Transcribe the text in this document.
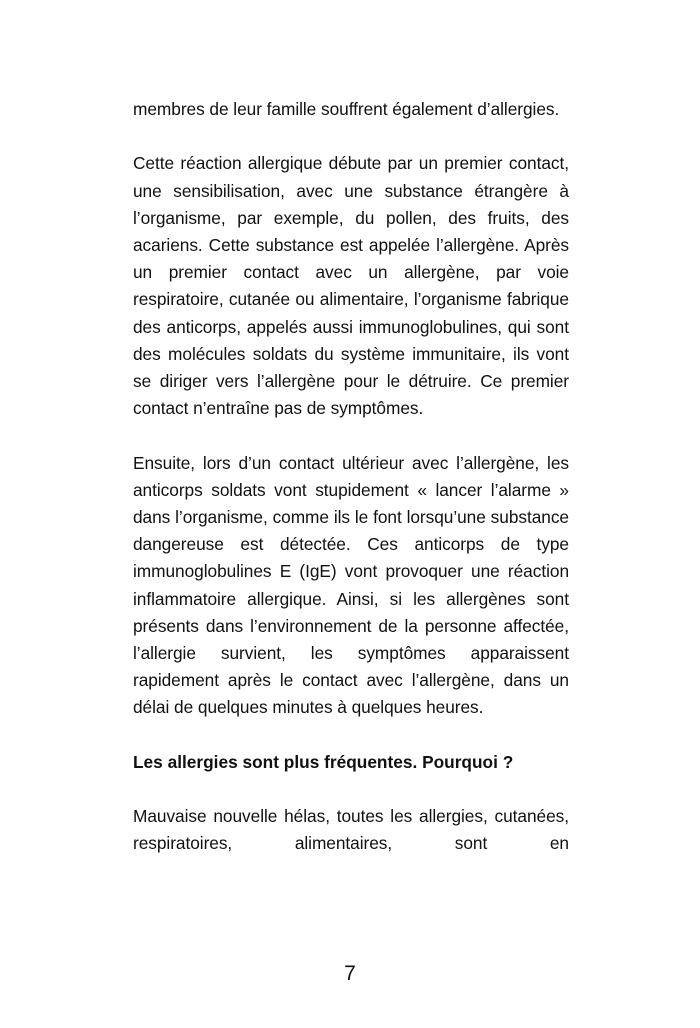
membres de leur famille souffrent également d’allergies.

Cette réaction allergique débute par un premier contact, une sensibilisation, avec une substance étrangère à l’organisme, par exemple, du pollen, des fruits, des acariens. Cette substance est appelée l’allergène. Après un premier contact avec un allergène, par voie respiratoire, cutanée ou alimentaire, l’organisme fabrique des anticorps, appelés aussi immunoglobulines, qui sont des molécules soldats du système immunitaire, ils vont se diriger vers l’allergène pour le détruire. Ce premier contact n’entraîne pas de symptômes.

Ensuite, lors d’un contact ultérieur avec l’allergène, les anticorps soldats vont stupidement « lancer l’alarme » dans l’organisme, comme ils le font lorsqu’une substance dangereuse est détectée. Ces anticorps de type immunoglobulines E (IgE) vont provoquer une réaction inflammatoire allergique. Ainsi, si les allergènes sont présents dans l’environnement de la personne affectée, l’allergie survient, les symptômes apparaissent rapidement après le contact avec l’allergène, dans un délai de quelques minutes à quelques heures.

Les allergies sont plus fréquentes. Pourquoi ?

Mauvaise nouvelle hélas, toutes les allergies, cutanées, respiratoires, alimentaires, sont en

7
